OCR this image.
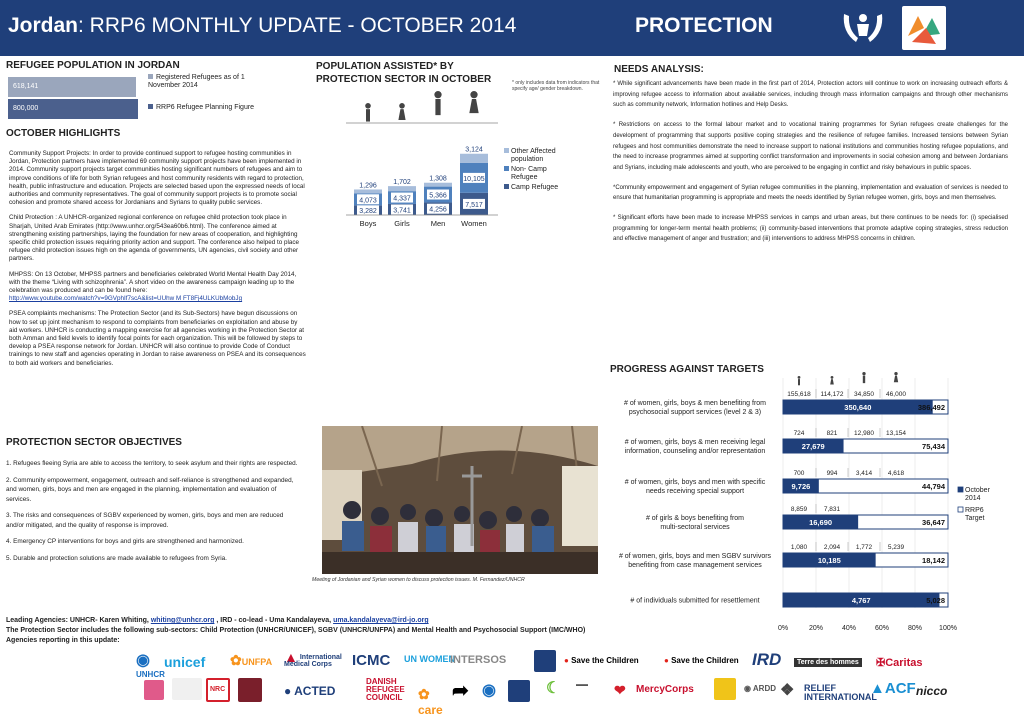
Jordan: RRP6 MONTHLY UPDATE - OCTOBER 2014	PROTECTION
REFUGEE POPULATION IN JORDAN
618,141
800,000
Registered Refugees as of 1 November 2014
RRP6 Refugee Planning Figure
OCTOBER HIGHLIGHTS

Community Support Projects: In order to provide continued support to refugee hosting communities in Jordan, Protection partners have implemented 69 community support projects have been implemented in 2014. Community support projects target communities hosting significant numbers of refugees and aim to improve conditions of life for both Syrian refugees and host community residents with regard to protection, health, public infrastructure and education. Projects are selected based upon the expressed needs of local authorities and community representatives. The goal of community support projects is to promote social cohesion and promote shared access for Jordanians and Syrians to quality public services.

Child Protection : A UNHCR-organized regional conference on refugee child protection took place in Sharjah, United Arab Emirates (http://www.unhcr.org/543ea60b6.html). The conference aimed at strengthening existing partnerships, laying the foundation for new areas of cooperation, and highlighting specific child protection issues requiring priority action and support. The conference also helped to place refugee child protection issues high on the agenda of governments, UN agencies, civil society and other partners.

MHPSS: On 13 October, MHPSS partners and beneficiaries celebrated World Mental Health Day 2014, with the theme “Living with schizophrenia”. A short video on the awareness campaign leading up to the celebration was produced and can be found here:
http://www.youtube.com/watch?v=9GVphIf7scA&list=UUhw M FT8Fj4ULKUbMobJg

PSEA complaints mechanisms: The Protection Sector (and its Sub-Sectors) have begun discussions on how to set up joint mechanism to respond to complaints from beneficiaries on exploitation and abuse by aid workers. UNHCR is conducting a mapping exercise for all agencies working in the Protection Sector at both Amman and field levels to identify focal points for each organization. This will be followed by steps to develop a PSEA response network for Jordan. UNHCR will also continue to provide Code of Conduct trainings to new staff and agencies operating in Jordan to raise awareness on PSEA and its consequences to both aid workers and beneficiaries.

PROTECTION SECTOR OBJECTIVES
1. Refugees fleeing Syria are able to access the territory, to seek asylum and their rights are respected.
2. Community empowerment, engagement, outreach and self-reliance is strengthened and expanded, and women, girls, boys and men are engaged in the planning, implementation and evaluation of services.
3. The risks and consequences of SGBV experienced by women, girls, boys and men are reduced and/or mitigated, and the quality of response is improved.
4. Emergency CP interventions for boys and girls are strengthened and harmonized.
5. Durable and protection solutions are made available to refugees from Syria.
POPULATION ASSISTED* BY PROTECTION SECTOR IN OCTOBER	* only includes data from indicators that specify age/ gender breakdown.
3,282
4,073
1,296
Boys
3,741
4,337
1,702
Girls
4,256
5,366
1,308
Men
7,517
10,105
3,124
Women
Other Affected
population
Non- Camp
Refugee
Camp Refugee
Meeting of Jordanian and Syrian women to discuss protection issues. M. Fernandez/UNHCR
NEEDS ANALYSIS:

* While significant advancements have been made in the first part of 2014, Protection actors will continue to work on increasing outreach efforts & improving refugee access to information about available services, including through mass information campaigns and through other mechanisms such as community network, Information hotlines and Help Desks.

* Restrictions on access to the formal labour market and to vocational training programmes for Syrian refugees create challenges for the development of programming that supports positive coping strategies and the resilience of refugee families. Increased tensions between Syrian refugees and host communities demonstrate the need to increase support to national institutions and communities hosting refugee populations, and the need to increase programmes aimed at supporting conflict transformation and improvements in social cohesion among and between Jordanians and Syrians, including male adolescents and youth, who are perceived to be engaging in conflict and risky behaviours in public spaces.

*Community empowerment and engagement of Syrian refugee communities in the planning, implementation and evaluation of services is needed to ensure that humanitarian programming is appropriate and meets the needs identified by Syrian refugee women, girls, boys and men themselves.

* Significant efforts have been made to increase MHPSS services in camps and urban areas, but there continues to be needs for: (i) specialised programming for longer-term mental health problems; (ii) community-based interventions that promote adaptive coping strategies, stress reduction and effective management of anger and frustration; and (iii) interventions to address MHPSS concerns in children.

PROGRESS AGAINST TARGETS
0%	20%	40%	60%	80% 100%
350,640	386,492
# of women, girls, boys & men benefiting from
psychosocial support services (level 2 & 3)
155,618 114,172 34,850 46,000
27,679	75,434
# of women, girls, boys & men receiving legal
information, counseling and/or representation
724	821	12,980 13,154
9,726	44,794
# of women, girls, boys and men with specific
needs receiving special support
700	994	3,414 4,618
16,690	36,647
# of girls & boys benefiting from
multi-sectoral services
8,859	7,831
10,185	18,142
# of women, girls, boys and men SGBV survivors
benefiting from case management services
1,080	2,094 1,772 5,239
4,767	5,028
# of individuals submitted for resettlement
October
2014
RRP6
Target
Leading Agencies: UNHCR- Karen Whiting, whiting@unhcr.org , IRD - co-lead - Uma Kandalayeva, uma.kandalayeva@ird-jo.org
The Protection Sector includes the following sub-sectors: Child Protection (UNHCR/UNICEF), SGBV (UNHCR/UNFPA) and Mental Health and Psychosocial Support (IMC/WHO)
Agencies reporting in this update:
◉
UNHCR
unicef ✿UNFPA ▲ International Medical Corps	ICMC UN WOMEN
INTERSOS	● Save the Children	● Save the Children IRD	Terre des hommes ✠Caritas
NRC	● ACTED
DANISH REFUGEE COUNCIL	✿
care
➦ ◉	☾	▬▬ ❤ MercyCorps	◉ ARDD ❖ RELIEF INTERNATIONAL
▲ACF nicco
